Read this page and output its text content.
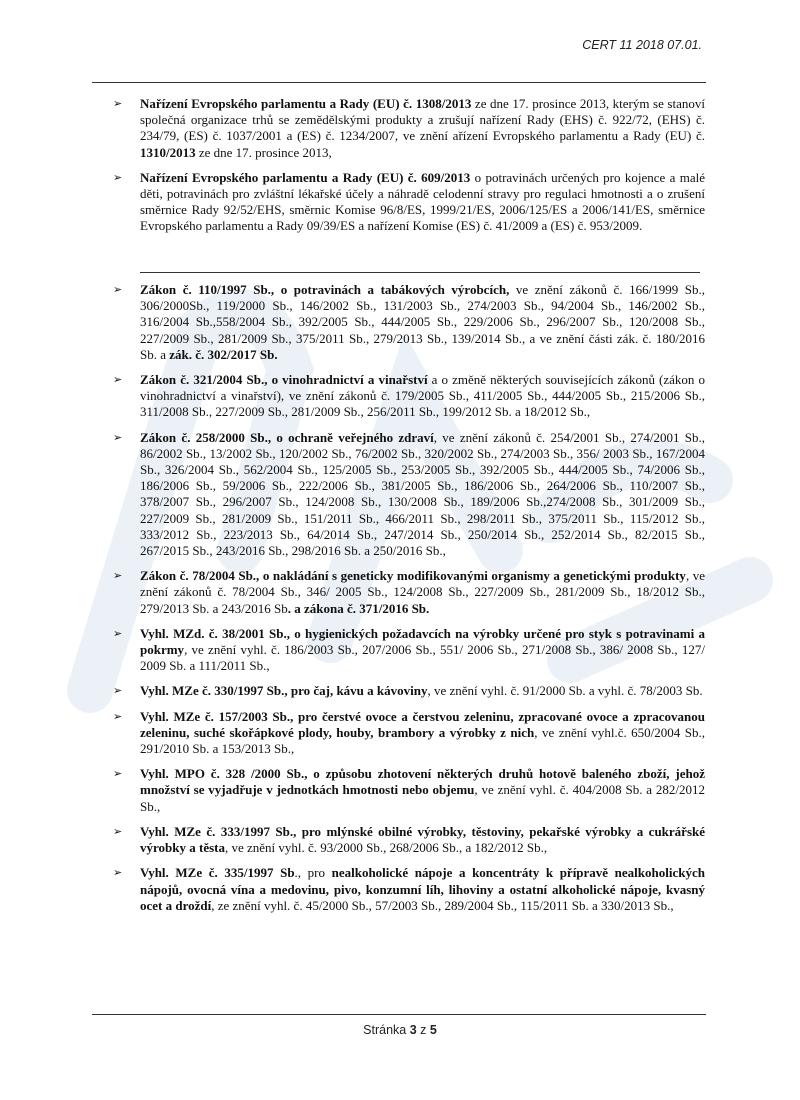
CERT 11 2018 07.01.
➢ Nařízení Evropského parlamentu a Rady (EU) č. 1308/2013 ze dne 17. prosince 2013, kterým se stanoví společná organizace trhů se zemědělskými produkty a zrušují nařízení Rady (EHS) č. 922/72, (EHS) č. 234/79, (ES) č. 1037/2001 a (ES) č. 1234/2007, ve znění ařízení Evropského parlamentu a Rady (EU) č. 1310/2013 ze dne 17. prosince 2013,
➢ Nařízení Evropského parlamentu a Rady (EU) č. 609/2013 o potravinách určených pro kojence a malé děti, potravinách pro zvláštní lékařské účely a náhradě celodenní stravy pro regulaci hmotnosti a o zrušení směrnice Rady 92/52/EHS, směrnic Komise 96/8/ES, 1999/21/ES, 2006/125/ES a 2006/141/ES, směrnice Evropského parlamentu a Rady 09/39/ES a nařízení Komise (ES) č. 41/2009 a (ES) č. 953/2009.
➢ Zákon č. 110/1997 Sb., o potravinách a tabákových výrobcích, ve znění zákonů č. 166/1999 Sb., 306/2000Sb., 119/2000 Sb., 146/2002 Sb., 131/2003 Sb., 274/2003 Sb., 94/2004 Sb., 146/2002 Sb., 316/2004 Sb.,558/2004 Sb., 392/2005 Sb., 444/2005 Sb., 229/2006 Sb., 296/2007 Sb., 120/2008 Sb., 227/2009 Sb., 281/2009 Sb., 375/2011 Sb., 279/2013 Sb., 139/2014 Sb., a ve znění části zák. č. 180/2016 Sb. a zák. č. 302/2017 Sb.
➢ Zákon č. 321/2004 Sb., o vinohradnictví a vinařství a o změně některých souvisejících zákonů (zákon o vinohradnictví a vinařství), ve znění zákonů č. 179/2005 Sb., 411/2005 Sb., 444/2005 Sb., 215/2006 Sb., 311/2008 Sb., 227/2009 Sb., 281/2009 Sb., 256/2011 Sb., 199/2012 Sb. a 18/2012 Sb.,
➢ Zákon č. 258/2000 Sb., o ochraně veřejného zdraví, ve znění zákonů č. 254/2001 Sb., 274/2001 Sb., 86/2002 Sb., 13/2002 Sb., 120/2002 Sb., 76/2002 Sb., 320/2002 Sb., 274/2003 Sb., 356/ 2003 Sb., 167/2004 Sb., 326/2004 Sb., 562/2004 Sb., 125/2005 Sb., 253/2005 Sb., 392/2005 Sb., 444/2005 Sb., 74/2006 Sb., 186/2006 Sb., 59/2006 Sb., 222/2006 Sb., 381/2005 Sb., 186/2006 Sb., 264/2006 Sb., 110/2007 Sb., 378/2007 Sb., 296/2007 Sb., 124/2008 Sb., 130/2008 Sb., 189/2006 Sb.,274/2008 Sb., 301/2009 Sb., 227/2009 Sb., 281/2009 Sb., 151/2011 Sb., 466/2011 Sb., 298/2011 Sb., 375/2011 Sb., 115/2012 Sb., 333/2012 Sb., 223/2013 Sb., 64/2014 Sb., 247/2014 Sb., 250/2014 Sb., 252/2014 Sb., 82/2015 Sb., 267/2015 Sb., 243/2016 Sb., 298/2016 Sb. a 250/2016 Sb.,
➢ Zákon č. 78/2004 Sb., o nakládání s geneticky modifikovanými organismy a genetickými produkty, ve znění zákonů č. 78/2004 Sb., 346/ 2005 Sb., 124/2008 Sb., 227/2009 Sb., 281/2009 Sb., 18/2012 Sb., 279/2013 Sb. a 243/2016 Sb. a zákona č. 371/2016 Sb.
➢ Vyhl. MZd. č. 38/2001 Sb., o hygienických požadavcích na výrobky určené pro styk s potravinami a pokrmy, ve znění vyhl. č. 186/2003 Sb., 207/2006 Sb., 551/ 2006 Sb., 271/2008 Sb., 386/ 2008 Sb., 127/ 2009 Sb. a 111/2011 Sb.,
➢ Vyhl. MZe č. 330/1997 Sb., pro čaj, kávu a kávoviny, ve znění vyhl. č. 91/2000 Sb. a vyhl. č. 78/2003 Sb.
➢ Vyhl. MZe č. 157/2003 Sb., pro čerstvé ovoce a čerstvou zeleninu, zpracované ovoce a zpracovanou zeleninu, suché skořápkové plody, houby, brambory a výrobky z nich, ve znění vyhl.č. 650/2004 Sb., 291/2010 Sb. a 153/2013 Sb.,
➢ Vyhl. MPO č. 328 /2000 Sb., o způsobu zhotovení některých druhů hotově baleného zboží, jehož množství se vyjadřuje v jednotkách hmotnosti nebo objemu, ve znění vyhl. č. 404/2008 Sb. a 282/2012 Sb.,
➢ Vyhl. MZe č. 333/1997 Sb., pro mlýnské obilné výrobky, těstoviny, pekařské výrobky a cukrářské výrobky a těsta, ve znění vyhl. č. 93/2000 Sb., 268/2006 Sb., a 182/2012 Sb.,
➢ Vyhl. MZe č. 335/1997 Sb., pro nealkoholické nápoje a koncentráty k přípravě nealkoholických nápojů, ovocná vína a medovinu, pivo, konzumní líh, lihoviny a ostatní alkoholické nápoje, kvasný ocet a droždí, ze znění vyhl. č. 45/2000 Sb., 57/2003 Sb., 289/2004 Sb., 115/2011 Sb. a 330/2013 Sb.,
Stránka 3 z 5
